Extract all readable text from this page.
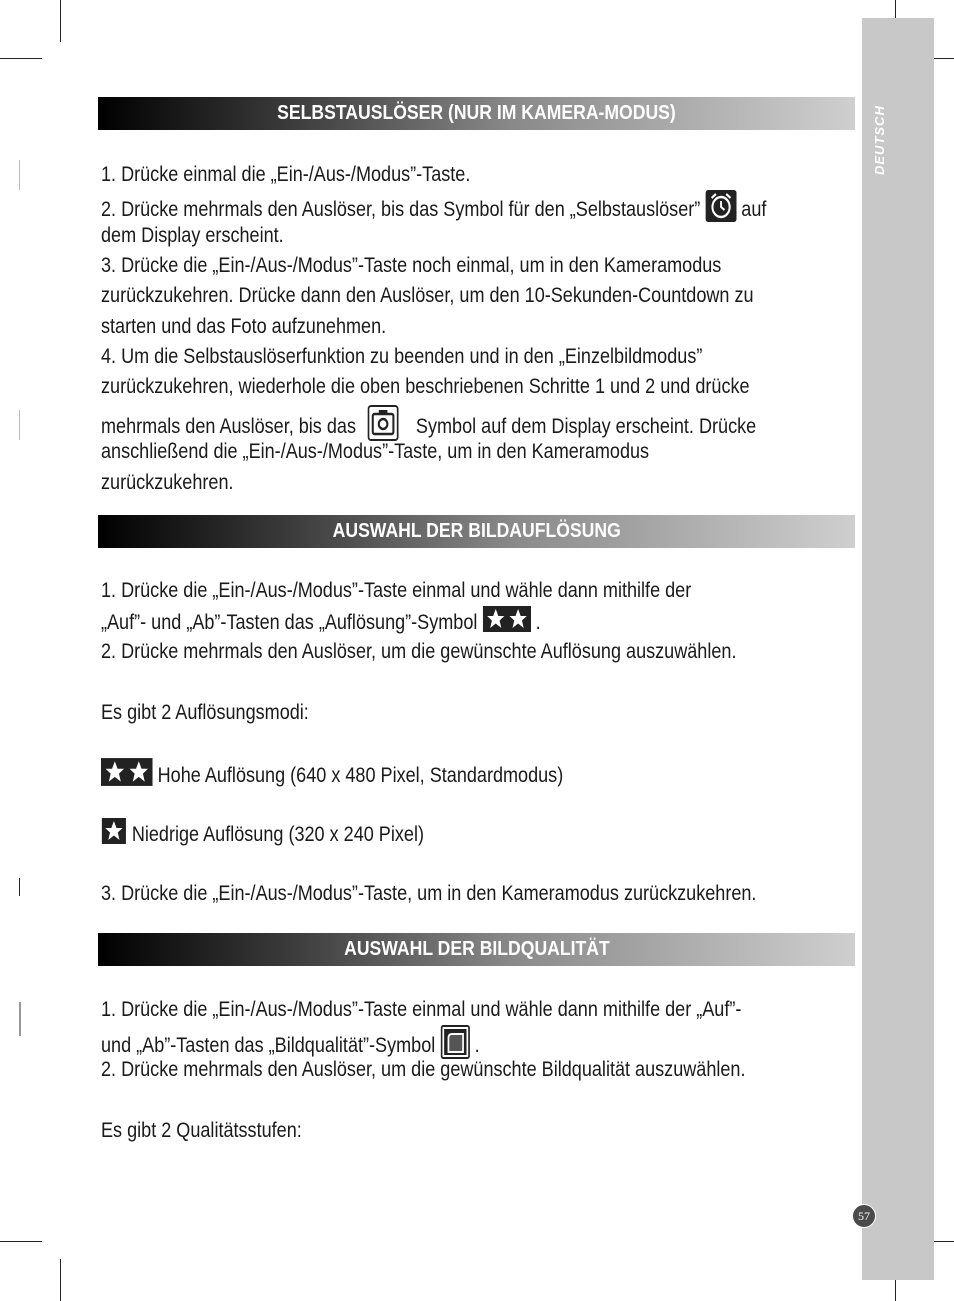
DEUTSCH
57
SELBSTAUSLÖSER (NUR IM KAMERA-MODUS)
1. Drücke einmal die „Ein-/Aus-/Modus”-Taste.
2. Drücke mehrmals den Auslöser, bis das Symbol für den „Selbstauslöser” auf
dem Display erscheint.
3. Drücke die „Ein-/Aus-/Modus”-Taste noch einmal, um in den Kameramodus
zurückzukehren. Drücke dann den Auslöser, um den 10-Sekunden-Countdown zu
starten und das Foto aufzunehmen.
4. Um die Selbstauslöserfunktion zu beenden und in den „Einzelbildmodus”
zurückzukehren, wiederhole die oben beschriebenen Schritte 1 und 2 und drücke
mehrmals den Auslöser, bis das	Symbol auf dem Display erscheint. Drücke
anschließend die „Ein-/Aus-/Modus”-Taste, um in den Kameramodus
zurückzukehren.
AUSWAHL DER BILDAUFLÖSUNG
1. Drücke die „Ein-/Aus-/Modus”-Taste einmal und wähle dann mithilfe der
„Auf”- und „Ab”-Tasten das „Auflösung”-Symbol	.
2. Drücke mehrmals den Auslöser, um die gewünschte Auflösung auszuwählen.
Es gibt 2 Auflösungsmodi:
Hohe Auflösung (640 x 480 Pixel, Standardmodus)
Niedrige Auflösung (320 x 240 Pixel)
3. Drücke die „Ein-/Aus-/Modus”-Taste, um in den Kameramodus zurückzukehren.
AUSWAHL DER BILDQUALITÄT
1. Drücke die „Ein-/Aus-/Modus”-Taste einmal und wähle dann mithilfe der „Auf”-
und „Ab”-Tasten das „Bildqualität”-Symbol .
2. Drücke mehrmals den Auslöser, um die gewünschte Bildqualität auszuwählen.
Es gibt 2 Qualitätsstufen:
